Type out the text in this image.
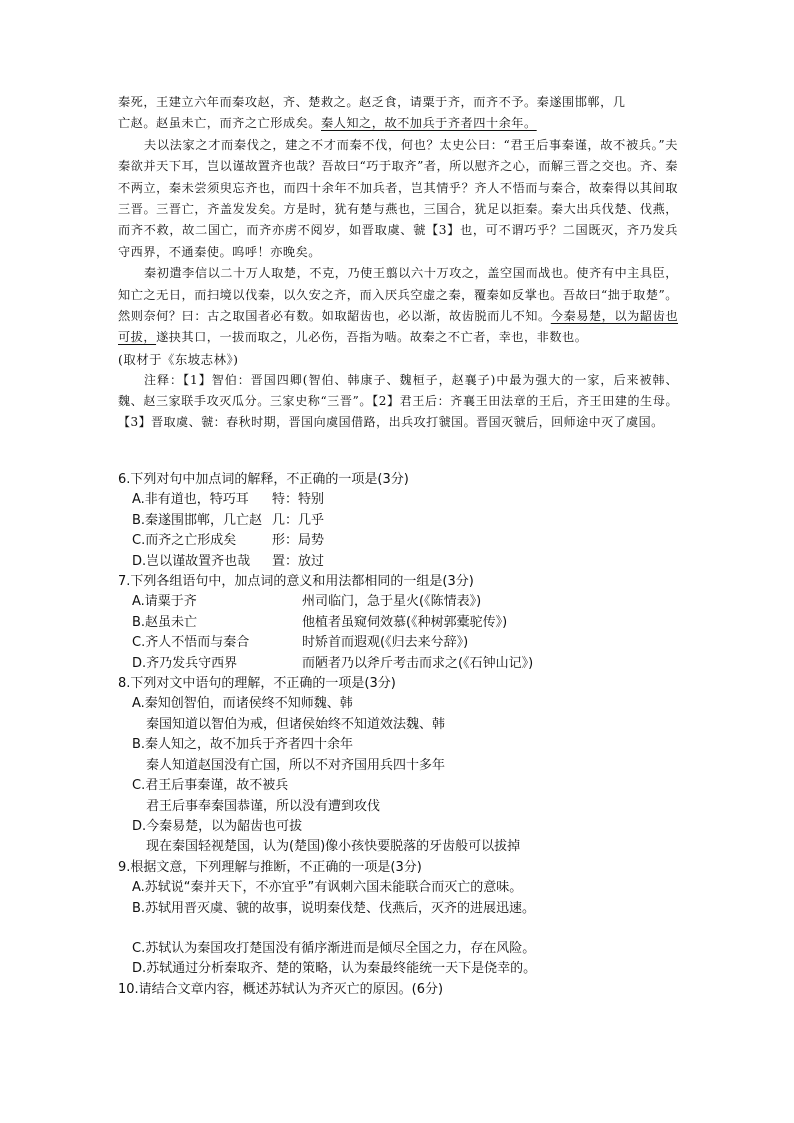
秦死，王建立六年而秦攻赵，齐、楚救之。赵乏食，请粟于齐，而齐不予。秦遂围邯郸，几

亡赵。赵虽未亡，而齐之亡形成矣。秦人知之，故不加兵于齐者四十余年。

夫以法家之才而秦伐之，建之不才而秦不伐，何也？太史公曰：“君王后事秦谨，故不被兵。”夫秦欲并天下耳，岂以谨故置齐也哉？吾故曰“巧于取齐”者，所以慰齐之心，而解三晋之交也。齐、秦不两立，秦未尝须臾忘齐也，而四十余年不加兵者，岂其情乎？齐人不悟而与秦合，故秦得以其间取三晋。三晋亡，齐盖发发矣。方是时，犹有楚与燕也，三国合，犹足以拒秦。秦大出兵伐楚、伐燕，而齐不救，故二国亡，而齐亦虏不阅岁，如晋取虞、虢【3】也，可不谓巧乎？二国既灭，齐乃发兵守西界，不通秦使。呜呼！亦晚矣。

秦初遣李信以二十万人取楚，不克，乃使王翦以六十万攻之，盖空国而战也。使齐有中主具臣，知亡之无日，而扫境以伐秦，以久安之齐，而入厌兵空虚之秦，覆秦如反掌也。吾故曰“拙于取楚”。然则奈何？曰：古之取国者必有数。如取龆齿也，必以渐，故齿脱而儿不知。今秦易楚，以为龆齿也可拔，遂抉其口，一拔而取之，儿必伤，吾指为啮。故秦之不亡者，幸也，非数也。

(取材于《东坡志林》)

注释：【1】智伯：晋国四卿(智伯、韩康子、魏桓子，赵襄子)中最为强大的一家，后来被韩、魏、赵三家联手攻灭瓜分。三家史称“三晋”。【2】君王后：齐襄王田法章的王后，齐王田建的生母。【3】晋取虞、虢：春秋时期，晋国向虞国借路，出兵攻打虢国。晋国灭虢后，回师途中灭了虞国。

6.下列对句中加点词的解释，不正确的一项是(3分)

A.非有道也，特巧耳	特：特别
B.秦遂围邯郸，几亡赵 几：几乎
C.而齐之亡形成矣	形：局势
D.岂以谨故置齐也哉	置：放过

7.下列各组语句中，加点词的意义和用法都相同的一组是(3分)

A.请粟于齐	州司临门，急于星火(《陈情表》)
B.赵虽未亡	他植者虽窥伺效慕(《种树郭橐驼传》)
C.齐人不悟而与秦合	时矫首而遐观(《归去来兮辞》)
D.齐乃发兵守西界	而陋者乃以斧斤考击而求之(《石钟山记》)

8.下列对文中语句的理解，不正确的一项是(3分)

A.秦知创智伯，而诸侯终不知师魏、韩

秦国知道以智伯为戒，但诸侯始终不知道效法魏、韩

B.秦人知之，故不加兵于齐者四十余年

秦人知道赵国没有亡国，所以不对齐国用兵四十多年

C.君王后事秦谨，故不被兵

君王后事奉秦国恭谨，所以没有遭到攻伐

D.今秦易楚，以为龆齿也可拔

现在秦国轻视楚国，认为(楚国)像小孩快要脱落的牙齿般可以拔掉

9.根据文意，下列理解与推断，不正确的一项是(3分)

A.苏轼说“秦并天下，不亦宜乎”有讽刺六国未能联合而灭亡的意味。

B.苏轼用晋灭虞、虢的故事，说明秦伐楚、伐燕后，灭齐的进展迅速。

C.苏轼认为秦国攻打楚国没有循序渐进而是倾尽全国之力，存在风险。

D.苏轼通过分析秦取齐、楚的策略，认为秦最终能统一天下是侥幸的。

10.请结合文章内容，概述苏轼认为齐灭亡的原因。(6分)
